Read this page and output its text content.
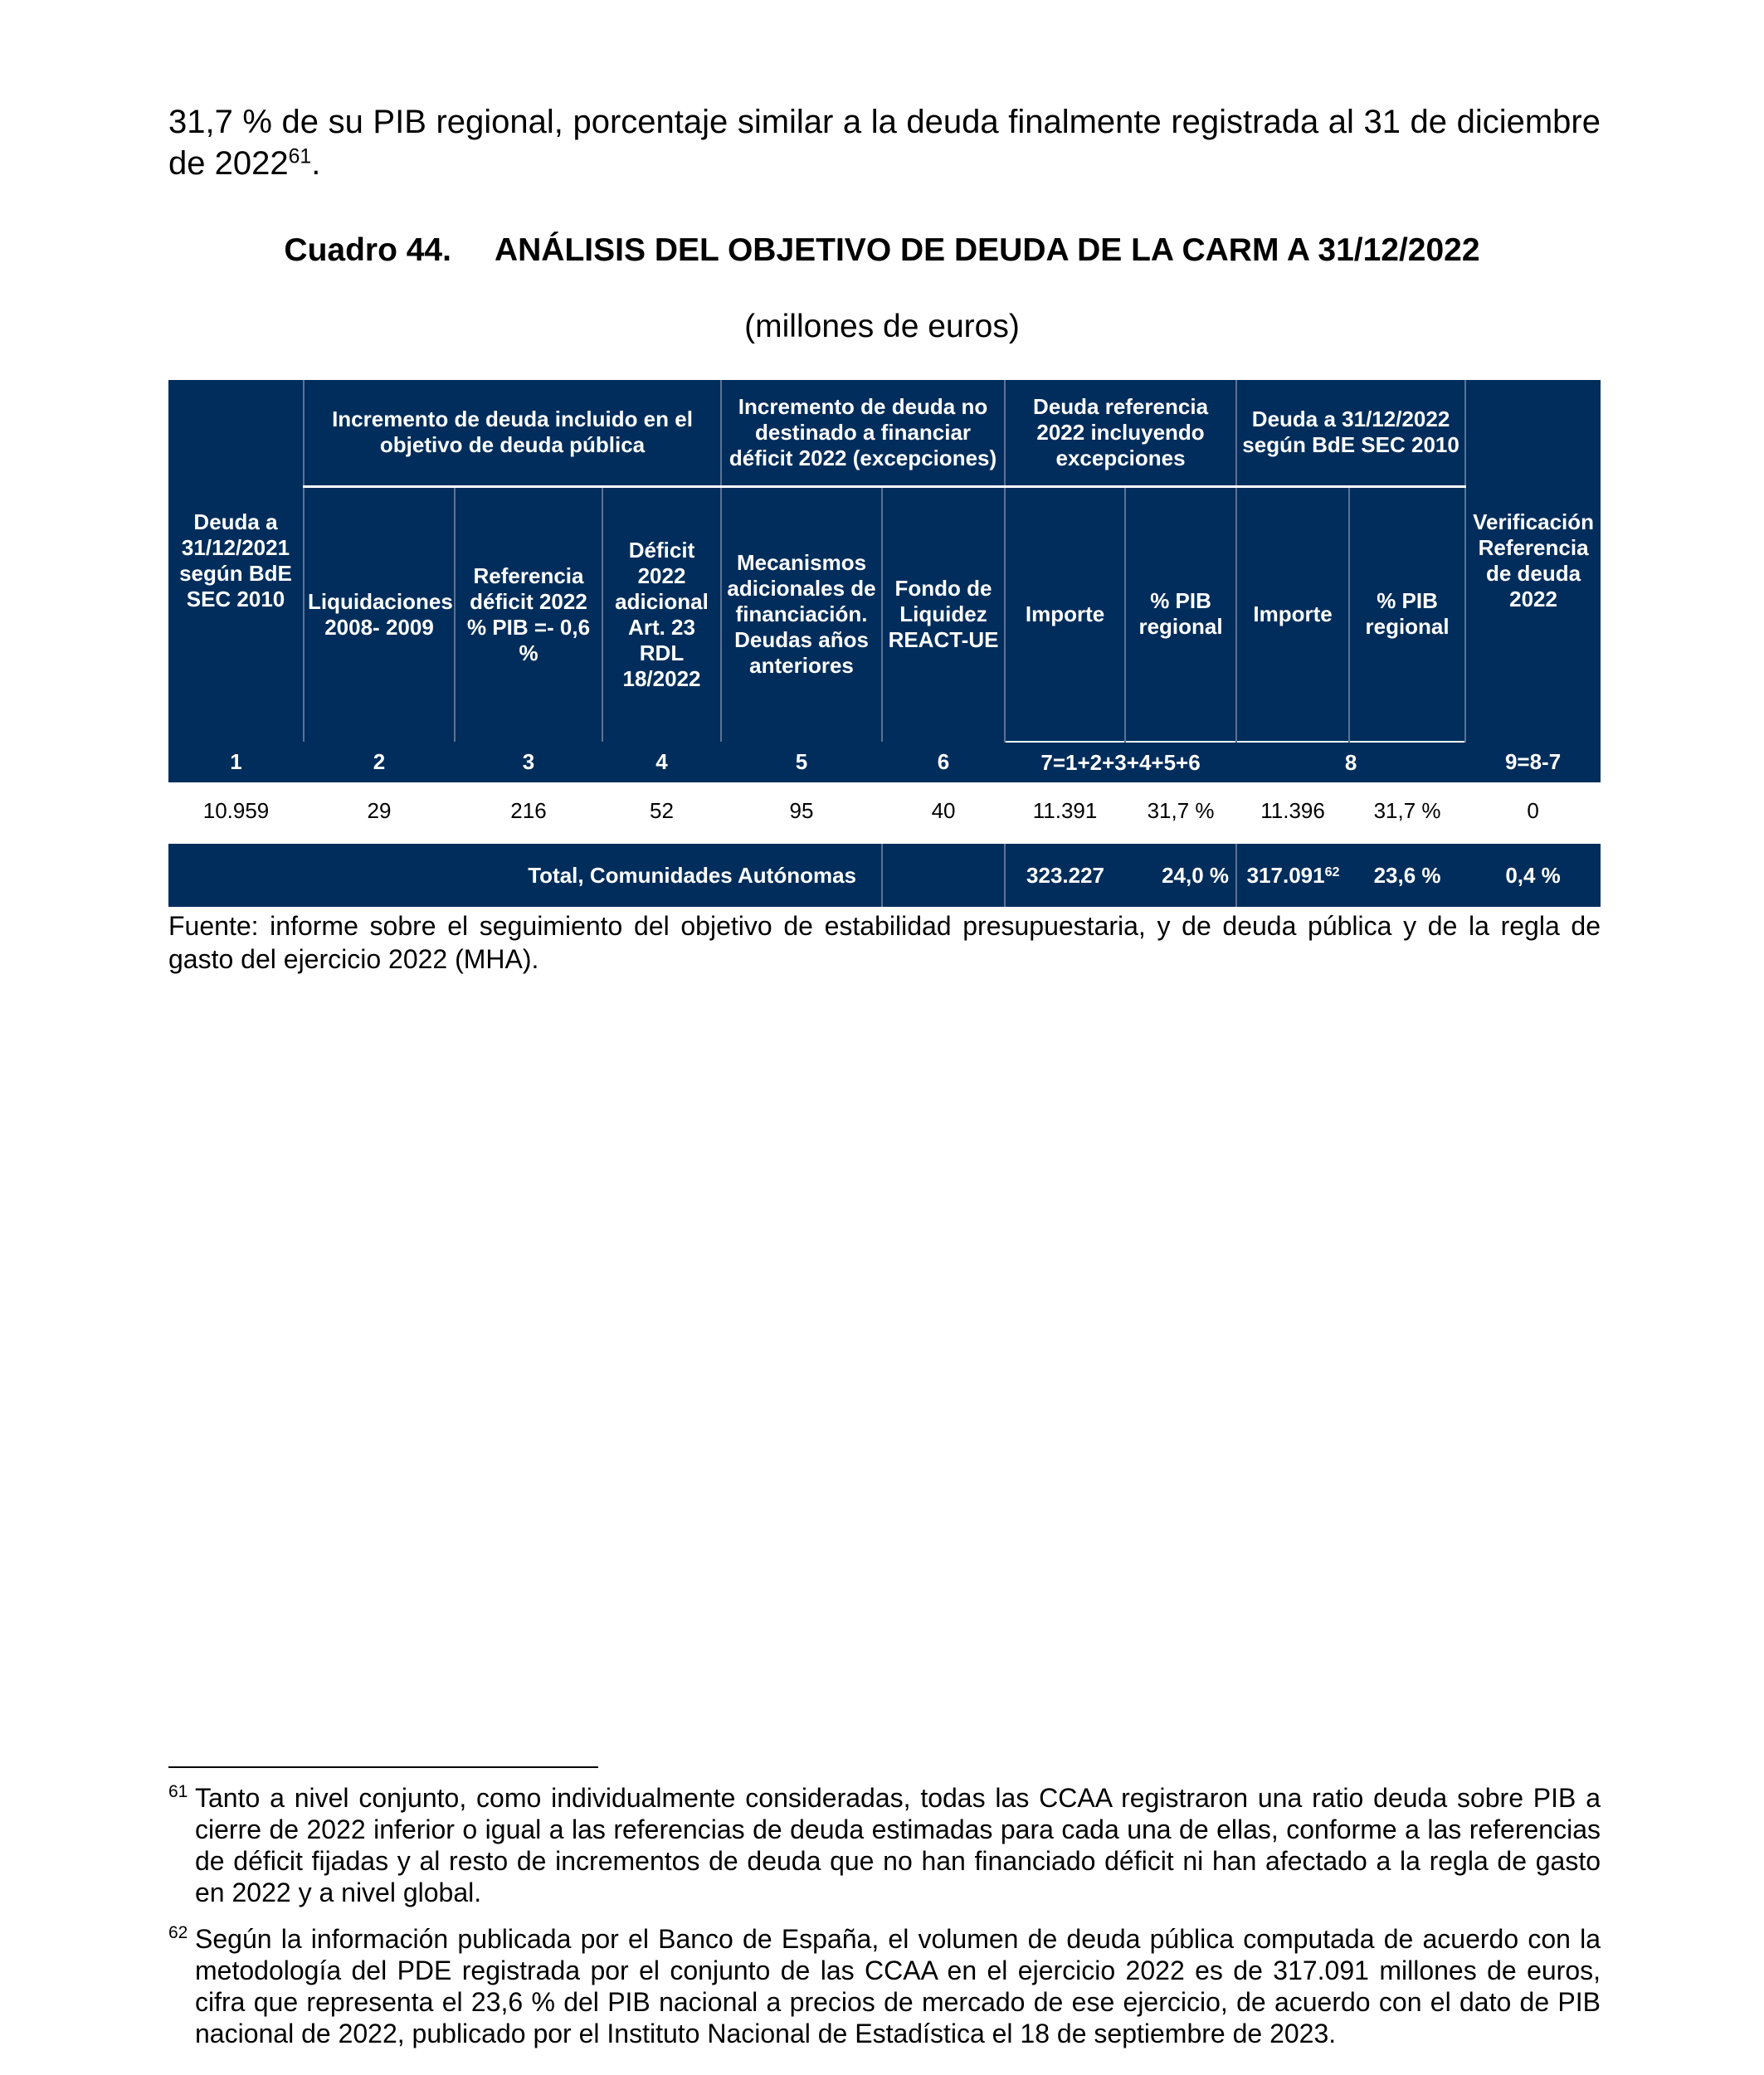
31,7 % de su PIB regional, porcentaje similar a la deuda finalmente registrada al 31 de diciembre de 2022$^{61}$.
Cuadro 44. ANÁLISIS DEL OBJETIVO DE DEUDA DE LA CARM A 31/12/2022
(millones de euros)
Deuda a 31/12/2021 según BdE SEC 2010	Incremento de deuda incluido en el objetivo de deuda pública			Incremento de deuda no destinado a financiar déficit 2022 (excepciones)		Deuda referencia 2022 incluyendo excepciones		Deuda a 31/12/2022 según BdE SEC 2010		Verificación Referencia de deuda 2022
	Liquidaciones 2008- 2009	Referencia déficit 2022 % PIB =- 0,6 %	Déficit 2022 adicional Art. 23 RDL 18/2022	Mecanismos adicionales de financiación. Deudas años anteriores	Fondo de Liquidez REACT-UE	Importe	% PIB regional	Importe	% PIB regional	
1	2	3	4	5	6	7=1+2+3+4+5+6		8		9=8-7
10.959	29	216	52	95	40	11.391	31,7 %	11.396	31,7 %	0

Total, Comunidades Autónomas						323.227	24,0 %	317.091$^{62}$	23,6 %	0,4 %
Fuente: informe sobre el seguimiento del objetivo de estabilidad presupuestaria, y de deuda pública y de la regla de gasto del ejercicio 2022 (MHA).
61 Tanto a nivel conjunto, como individualmente consideradas, todas las CCAA registraron una ratio deuda sobre PIB a cierre de 2022 inferior o igual a las referencias de deuda estimadas para cada una de ellas, conforme a las referencias de déficit fijadas y al resto de incrementos de deuda que no han financiado déficit ni han afectado a la regla de gasto en 2022 y a nivel global.
62 Según la información publicada por el Banco de España, el volumen de deuda pública computada de acuerdo con la metodología del PDE registrada por el conjunto de las CCAA en el ejercicio 2022 es de 317.091 millones de euros, cifra que representa el 23,6 % del PIB nacional a precios de mercado de ese ejercicio, de acuerdo con el dato de PIB nacional de 2022, publicado por el Instituto Nacional de Estadística el 18 de septiembre de 2023.
